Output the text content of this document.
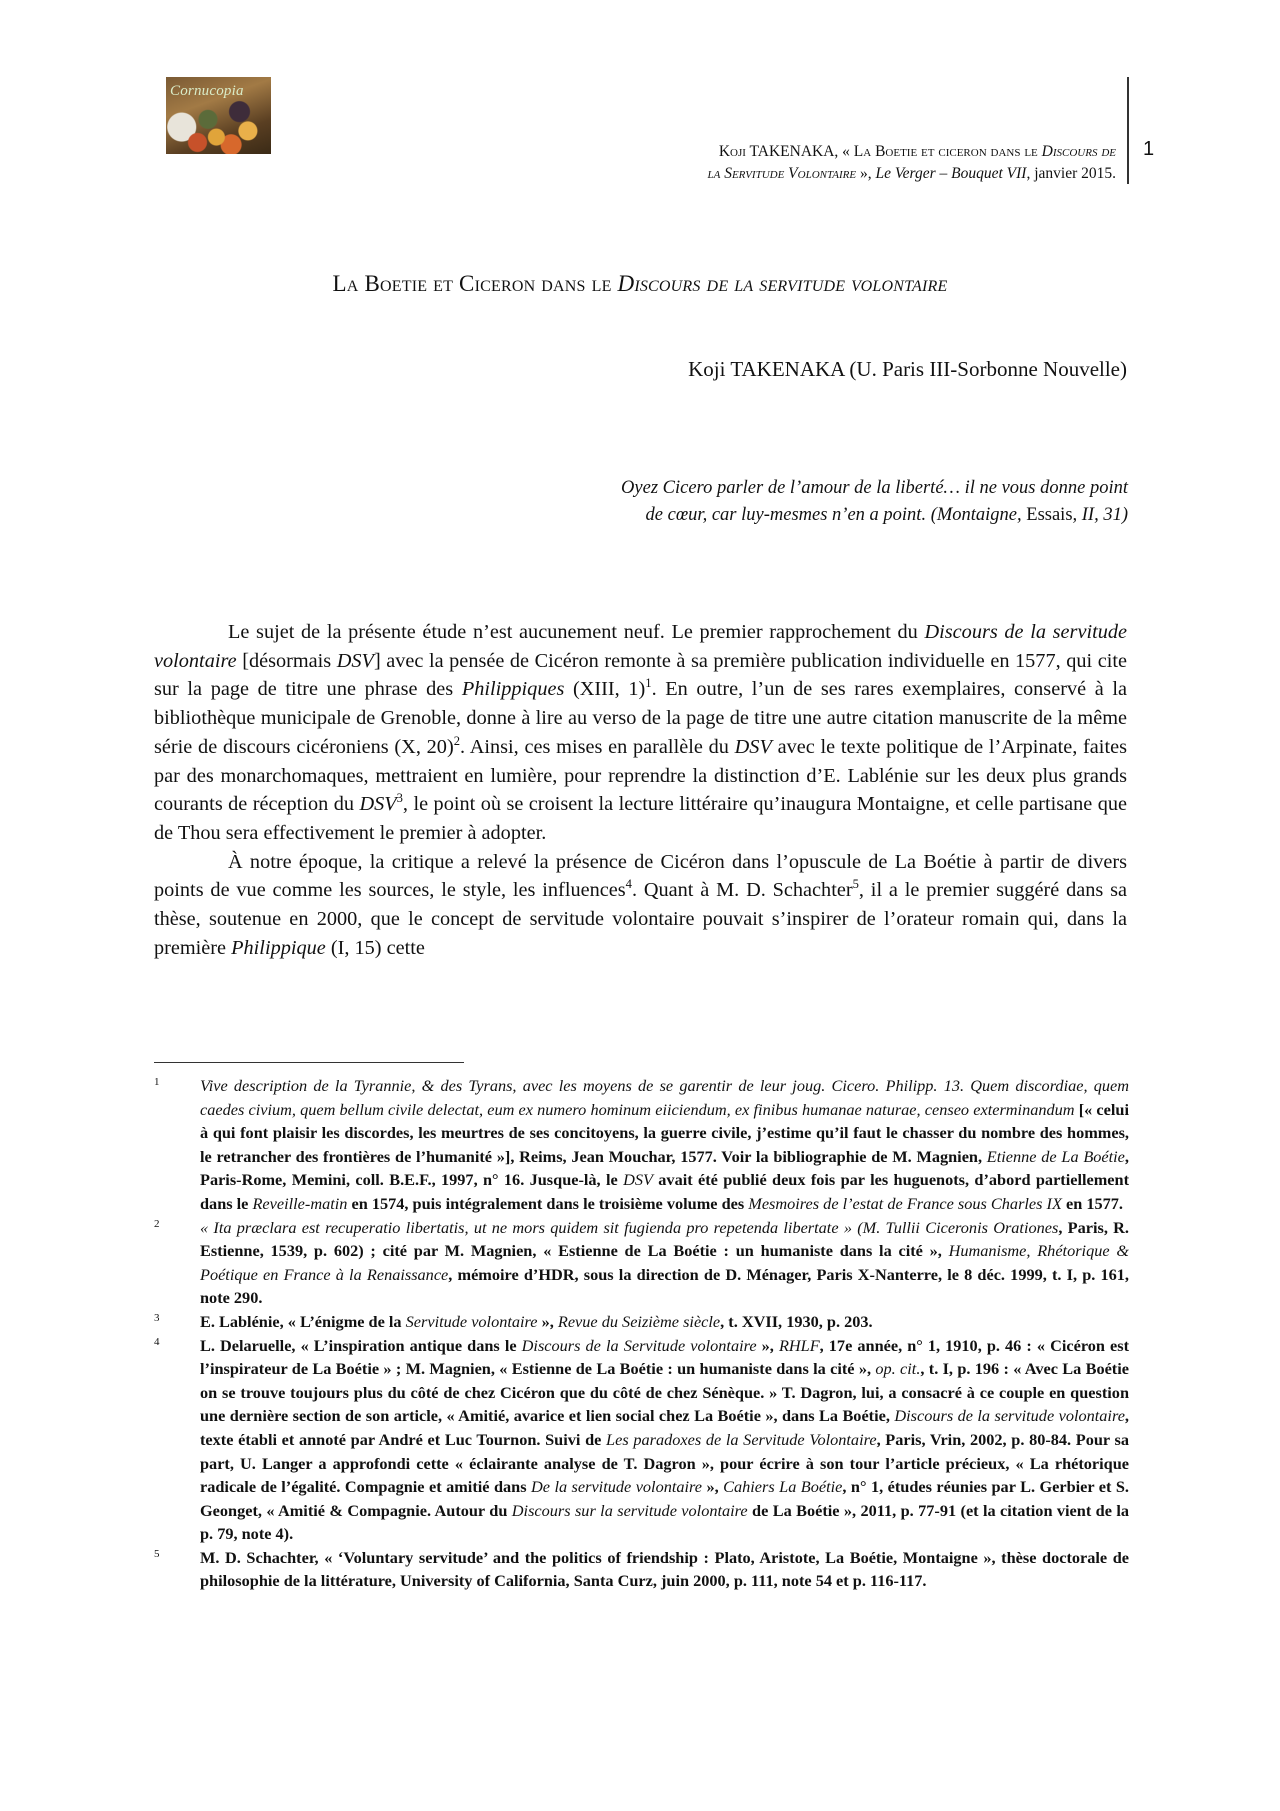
Cornucopia
Koji TAKENAKA, « La Boetie et ciceron dans le Discours de
la Servitude Volontaire », Le Verger – Bouquet VII, janvier 2015.
1
La Boetie et Ciceron dans le Discours de la servitude volontaire
Koji TAKENAKA (U. Paris III-Sorbonne Nouvelle)
Oyez Cicero parler de l’amour de la liberté… il ne vous donne point
de cœur, car luy-mesmes n’en a point. (Montaigne, Essais, II, 31)

Le sujet de la présente étude n’est aucunement neuf. Le premier rapprochement du Discours de la servitude volontaire [désormais DSV] avec la pensée de Cicéron remonte à sa première publication individuelle en 1577, qui cite sur la page de titre une phrase des Philippiques (XIII, 1)$^1$. En outre, l’un de ses rares exemplaires, conservé à la bibliothèque municipale de Grenoble, donne à lire au verso de la page de titre une autre citation manuscrite de la même série de discours cicéroniens (X, 20)$^2$. Ainsi, ces mises en parallèle du DSV avec le texte politique de l’Arpinate, faites par des monarchomaques, mettraient en lumière, pour reprendre la distinction d’E. Lablénie sur les deux plus grands courants de réception du DSV$^3$, le point où se croisent la lecture littéraire qu’inaugura Montaigne, et celle partisane que de Thou sera effectivement le premier à adopter.

À notre époque, la critique a relevé la présence de Cicéron dans l’opuscule de La Boétie à partir de divers points de vue comme les sources, le style, les influences$^4$. Quant à M. D. Schachter$^5$, il a le premier suggéré dans sa thèse, soutenue en 2000, que le concept de servitude volontaire pouvait s’inspirer de l’orateur romain qui, dans la première Philippique (I, 15) cette

1 Vive description de la Tyrannie, & des Tyrans, avec les moyens de se garentir de leur joug. Cicero. Philipp. 13. Quem discordiae, quem caedes civium, quem bellum civile delectat, eum ex numero hominum eiiciendum, ex finibus humanae naturae, censeo exterminandum [« celui à qui font plaisir les discordes, les meurtres de ses concitoyens, la guerre civile, j’estime qu’il faut le chasser du nombre des hommes, le retrancher des frontières de l’humanité »], Reims, Jean Mouchar, 1577. Voir la bibliographie de M. Magnien, Etienne de La Boétie, Paris-Rome, Memini, coll. B.E.F., 1997, n° 16. Jusque-là, le DSV avait été publié deux fois par les huguenots, d’abord partiellement dans le Reveille-matin en 1574, puis intégralement dans le troisième volume des Mesmoires de l’estat de France sous Charles IX en 1577.
2 « Ita præclara est recuperatio libertatis, ut ne mors quidem sit fugienda pro repetenda libertate » (M. Tullii Ciceronis Orationes, Paris, R. Estienne, 1539, p. 602) ; cité par M. Magnien, « Estienne de La Boétie : un humaniste dans la cité », Humanisme, Rhétorique & Poétique en France à la Renaissance, mémoire d’HDR, sous la direction de D. Ménager, Paris X-Nanterre, le 8 déc. 1999, t. I, p. 161, note 290.
3 E. Lablénie, « L’énigme de la Servitude volontaire », Revue du Seizième siècle, t. XVII, 1930, p. 203.
4 L. Delaruelle, « L’inspiration antique dans le Discours de la Servitude volontaire », RHLF, 17e année, n° 1, 1910, p. 46 : « Cicéron est l’inspirateur de La Boétie » ; M. Magnien, « Estienne de La Boétie : un humaniste dans la cité », op. cit., t. I, p. 196 : « Avec La Boétie on se trouve toujours plus du côté de chez Cicéron que du côté de chez Sénèque. » T. Dagron, lui, a consacré à ce couple en question une dernière section de son article, « Amitié, avarice et lien social chez La Boétie », dans La Boétie, Discours de la servitude volontaire, texte établi et annoté par André et Luc Tournon. Suivi de Les paradoxes de la Servitude Volontaire, Paris, Vrin, 2002, p. 80-84. Pour sa part, U. Langer a approfondi cette « éclairante analyse de T. Dagron », pour écrire à son tour l’article précieux, « La rhétorique radicale de l’égalité. Compagnie et amitié dans De la servitude volontaire », Cahiers La Boétie, n° 1, études réunies par L. Gerbier et S. Geonget, « Amitié & Compagnie. Autour du Discours sur la servitude volontaire de La Boétie », 2011, p. 77-91 (et la citation vient de la p. 79, note 4).
5 M. D. Schachter, « ‘Voluntary servitude’ and the politics of friendship : Plato, Aristote, La Boétie, Montaigne », thèse doctorale de philosophie de la littérature, University of California, Santa Curz, juin 2000, p. 111, note 54 et p. 116-117.
